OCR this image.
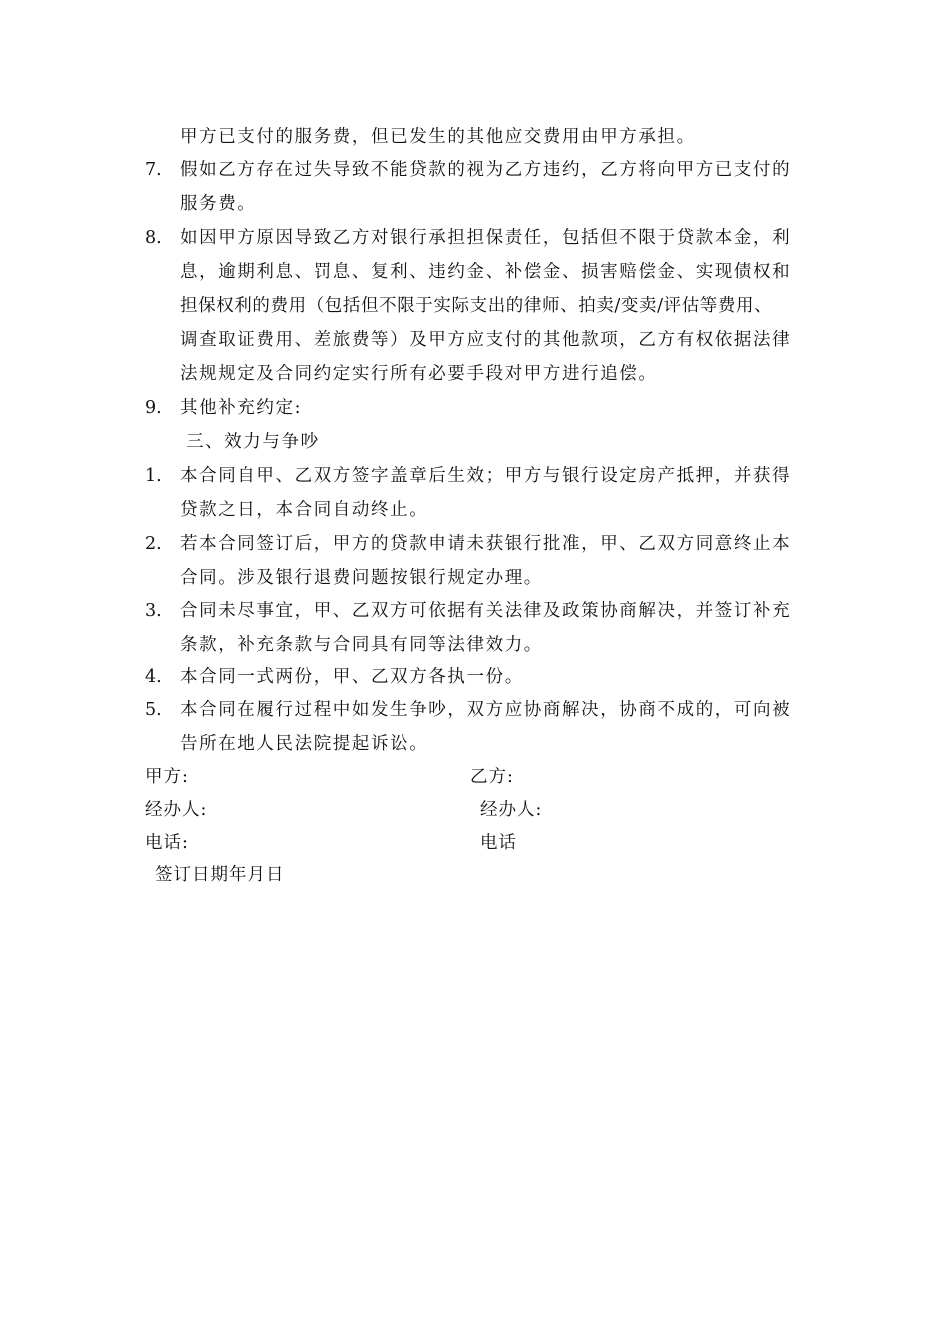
甲方已支付的服务费，但已发生的其他应交费用由甲方承担。
7. 假如乙方存在过失导致不能贷款的视为乙方违约，乙方将向甲方已支付的
服务费。
8. 如因甲方原因导致乙方对银行承担担保责任，包括但不限于贷款本金，利
息，逾期利息、罚息、复利、违约金、补偿金、损害赔偿金、实现债权和
担保权利的费用（包括但不限于实际支出的律师、拍卖/变卖/评估等费用、
调查取证费用、差旅费等）及甲方应支付的其他款项，乙方有权依据法律
法规规定及合同约定实行所有必要手段对甲方进行追偿。
9. 其他补充约定:
三、效力与争吵
1. 本合同自甲、乙双方签字盖章后生效；甲方与银行设定房产抵押，并获得
贷款之日，本合同自动终止。
2. 若本合同签订后，甲方的贷款申请未获银行批准，甲、乙双方同意终止本
合同。涉及银行退费问题按银行规定办理。
3. 合同未尽事宜，甲、乙双方可依据有关法律及政策协商解决，并签订补充
条款，补充条款与合同具有同等法律效力。
4. 本合同一式两份，甲、乙双方各执一份。
5. 本合同在履行过程中如发生争吵，双方应协商解决，协商不成的，可向被
告所在地人民法院提起诉讼。
甲方:	乙方:
经办人:	经办人:
电话:	电话
签订日期年月日
